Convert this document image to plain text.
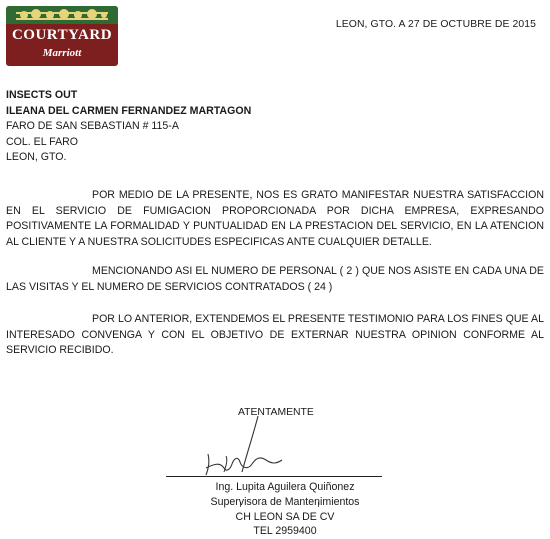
COURTYARD
Marriott
LEON, GTO. A 27 DE OCTUBRE DE 2015
INSECTS OUT
ILEANA DEL CARMEN FERNANDEZ MARTAGON
FARO DE SAN SEBASTIAN # 115-A
COL. EL FARO
LEON, GTO.

POR MEDIO DE LA PRESENTE, NOS ES GRATO MANIFESTAR NUESTRA SATISFACCION EN EL SERVICIO DE FUMIGACION PROPORCIONADA POR DICHA EMPRESA, EXPRESANDO POSITIVAMENTE LA FORMALIDAD Y PUNTUALIDAD EN LA PRESTACION DEL SERVICIO, EN LA ATENCION AL CLIENTE Y A NUESTRA SOLICITUDES ESPECIFICAS ANTE CUALQUIER DETALLE.

MENCIONANDO ASI EL NUMERO DE PERSONAL ( 2 ) QUE NOS ASISTE EN CADA UNA DE LAS VISITAS Y EL NUMERO DE SERVICIOS CONTRATADOS ( 24 )

POR LO ANTERIOR, EXTENDEMOS EL PRESENTE TESTIMONIO PARA LOS FINES QUE AL INTERESADO CONVENGA Y CON EL OBJETIVO DE EXTERNAR NUESTRA OPINION CONFORME AL SERVICIO RECIBIDO.

ATENTAMENTE
Ing. Lupita Aguilera Quiñonez
Supervisora de Mantenimientos
CH LEON SA DE CV
TEL 2959400
